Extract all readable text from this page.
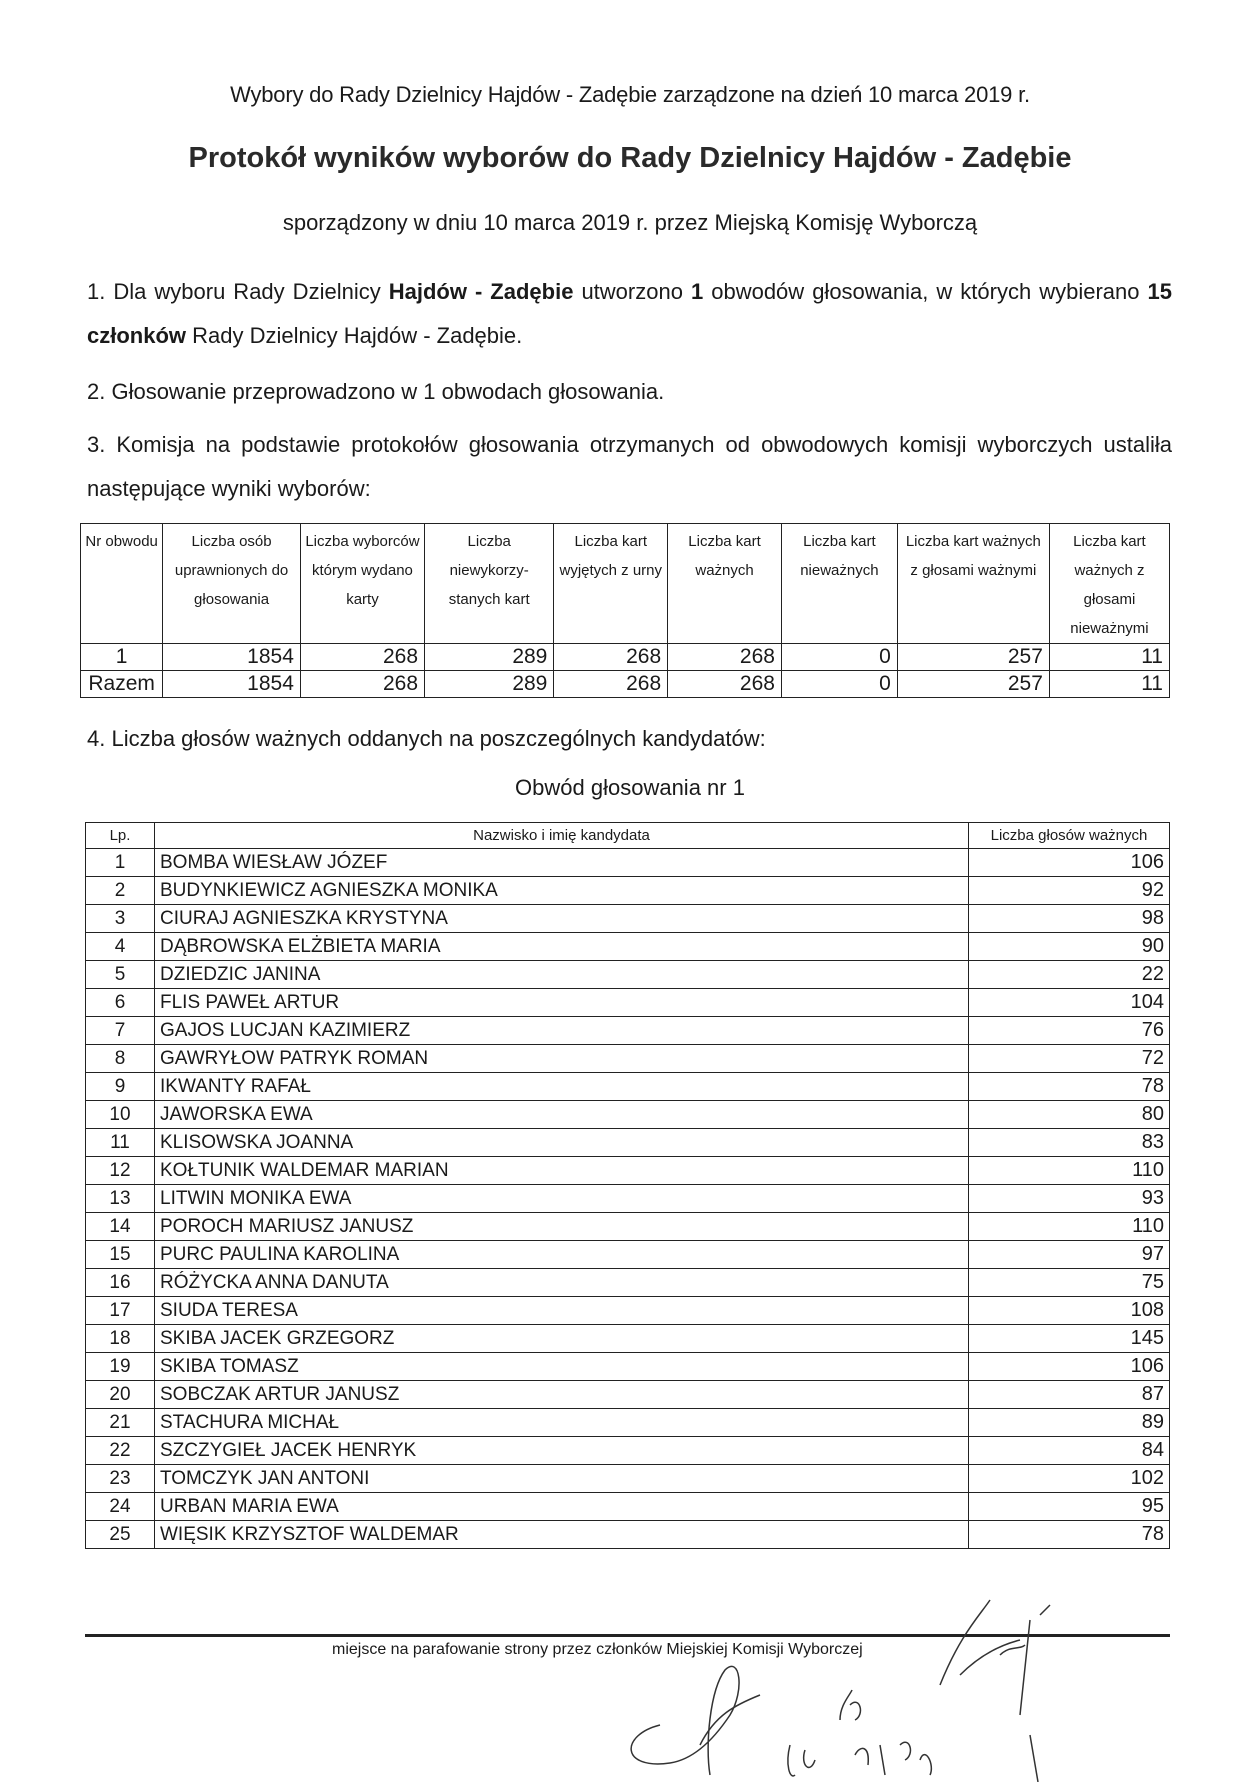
Wybory do Rady Dzielnicy Hajdów - Zadębie zarządzone na dzień 10 marca 2019 r.
Protokół wyników wyborów do Rady Dzielnicy Hajdów - Zadębie
sporządzony w dniu 10 marca 2019 r. przez Miejską Komisję Wyborczą
1. Dla wyboru Rady Dzielnicy Hajdów - Zadębie utworzono 1 obwodów głosowania, w których wybierano 15 członków Rady Dzielnicy Hajdów - Zadębie.
2. Głosowanie przeprowadzono w 1 obwodach głosowania.
3. Komisja na podstawie protokołów głosowania otrzymanych od obwodowych komisji wyborczych ustaliła następujące wyniki wyborów:
Nr obwodu	Liczba osób uprawnionych do głosowania	Liczba wyborców którym wydano karty	Liczba niewykorzy-stanych kart	Liczba kart wyjętych z urny	Liczba kart ważnych	Liczba kart nieważnych	Liczba kart ważnych z głosami ważnymi	Liczba kart ważnych z głosami nieważnymi
1	1854	268	289	268	268	0	257	11
Razem	1854	268	289	268	268	0	257	11
4. Liczba głosów ważnych oddanych na poszczególnych kandydatów:
Obwód głosowania nr 1
Lp.	Nazwisko i imię kandydata	Liczba głosów ważnych
1	BOMBA WIESŁAW JÓZEF	106
2	BUDYNKIEWICZ AGNIESZKA MONIKA	92
3	CIURAJ AGNIESZKA KRYSTYNA	98
4	DĄBROWSKA ELŻBIETA MARIA	90
5	DZIEDZIC JANINA	22
6	FLIS PAWEŁ ARTUR	104
7	GAJOS LUCJAN KAZIMIERZ	76
8	GAWRYŁOW PATRYK ROMAN	72
9	IKWANTY RAFAŁ	78
10	JAWORSKA EWA	80
11	KLISOWSKA JOANNA	83
12	KOŁTUNIK WALDEMAR MARIAN	110
13	LITWIN MONIKA EWA	93
14	POROCH MARIUSZ JANUSZ	110
15	PURC PAULINA KAROLINA	97
16	RÓŻYCKA ANNA DANUTA	75
17	SIUDA TERESA	108
18	SKIBA JACEK GRZEGORZ	145
19	SKIBA TOMASZ	106
20	SOBCZAK ARTUR JANUSZ	87
21	STACHURA MICHAŁ	89
22	SZCZYGIEŁ JACEK HENRYK	84
23	TOMCZYK JAN ANTONI	102
24	URBAN MARIA EWA	95
25	WIĘSIK KRZYSZTOF WALDEMAR	78
miejsce na parafowanie strony przez członków Miejskiej Komisji Wyborczej
